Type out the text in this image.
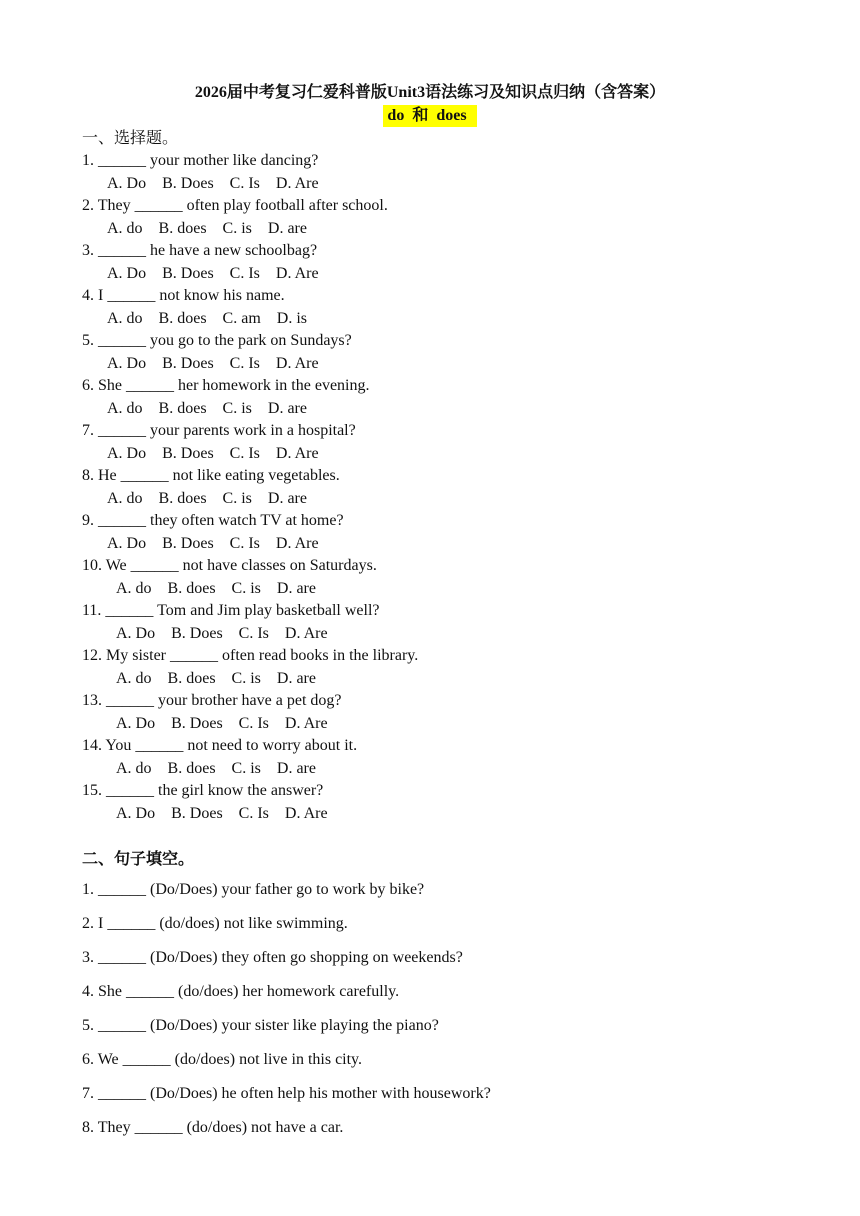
2026届中考复习仁爱科普版Unit3语法练习及知识点归纳（含答案）
do  和  does
一、选择题。
1. ______ your mother like dancing?
A. Do    B. Does    C. Is    D. Are
2. They ______ often play football after school.
A. do    B. does    C. is    D. are
3. ______ he have a new schoolbag?
A. Do    B. Does    C. Is    D. Are
4. I ______ not know his name.
A. do    B. does    C. am    D. is
5. ______ you go to the park on Sundays?
A. Do    B. Does    C. Is    D. Are
6. She ______ her homework in the evening.
A. do    B. does    C. is    D. are
7. ______ your parents work in a hospital?
A. Do    B. Does    C. Is    D. Are
8. He ______ not like eating vegetables.
A. do    B. does    C. is    D. are
9. ______ they often watch TV at home?
A. Do    B. Does    C. Is    D. Are
10. We ______ not have classes on Saturdays.
A. do    B. does    C. is    D. are
11. ______ Tom and Jim play basketball well?
A. Do    B. Does    C. Is    D. Are
12. My sister ______ often read books in the library.
A. do    B. does    C. is    D. are
13. ______ your brother have a pet dog?
A. Do    B. Does    C. Is    D. Are
14. You ______ not need to worry about it.
A. do    B. does    C. is    D. are
15. ______ the girl know the answer?
A. Do    B. Does    C. Is    D. Are
二、句子填空。
1. ______ (Do/Does) your father go to work by bike?
2. I ______ (do/does) not like swimming.
3. ______ (Do/Does) they often go shopping on weekends?
4. She ______ (do/does) her homework carefully.
5. ______ (Do/Does) your sister like playing the piano?
6. We ______ (do/does) not live in this city.
7. ______ (Do/Does) he often help his mother with housework?
8. They ______ (do/does) not have a car.
